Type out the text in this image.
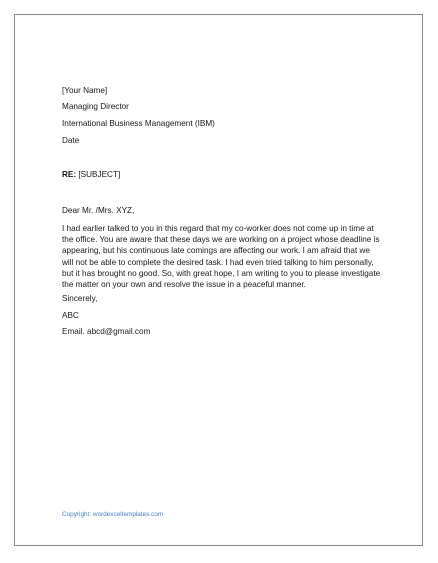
[Your Name]
Managing Director
International Business Management (IBM)
Date
RE: [SUBJECT]
Dear Mr. /Mrs. XYZ,
I had earlier talked to you in this regard that my co-worker does not come up in time at
the office. You are aware that these days we are working on a project whose deadline is
appearing, but his continuous late comings are affecting our work. I am afraid that we
will not be able to complete the desired task. I had even tried talking to him personally,
but it has brought no good. So, with great hope, I am writing to you to please investigate
the matter on your own and resolve the issue in a peaceful manner.
Sincerely,
ABC
Email. abcd@gmail.com
Copyright: wordexceltemplates.com
